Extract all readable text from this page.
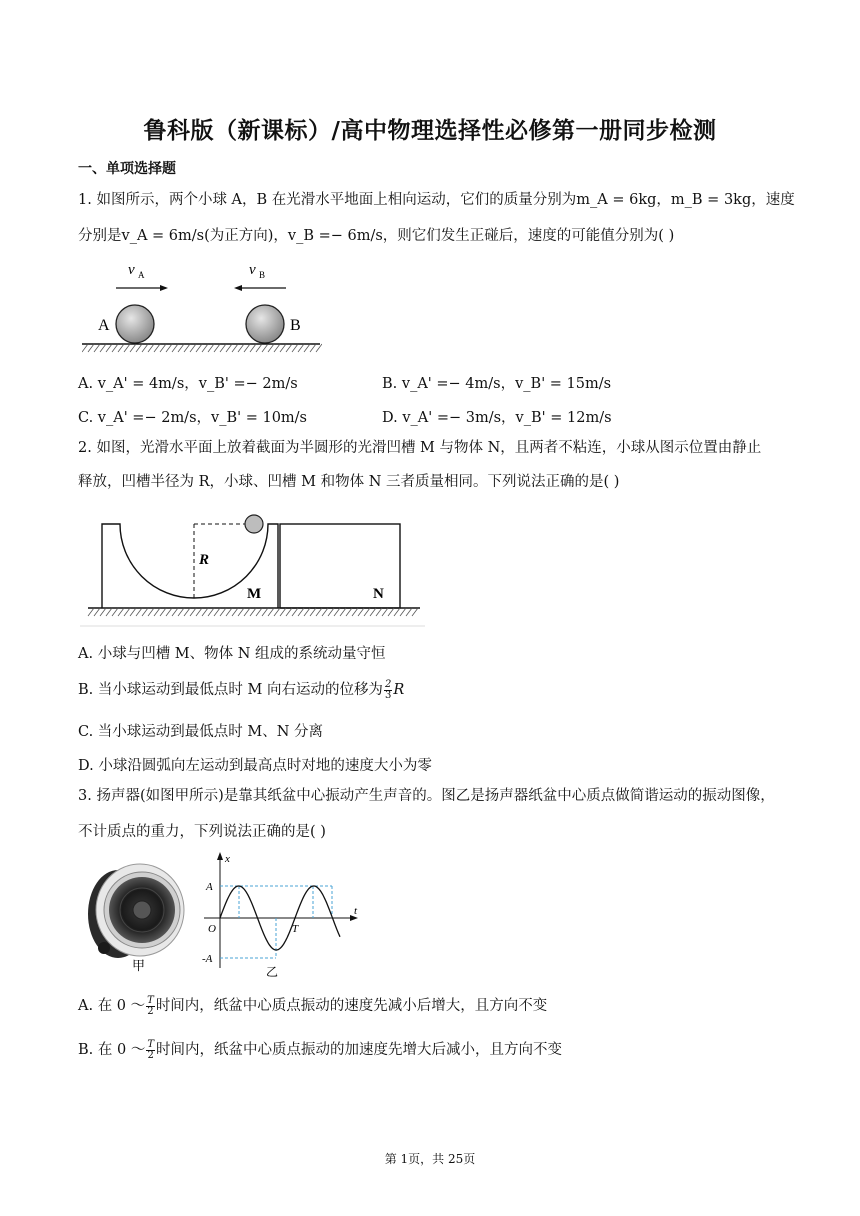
鲁科版（新课标）/高中物理选择性必修第一册同步检测
一、单项选择题
1. 如图所示，两个小球 A，B 在光滑水平地面上相向运动，它们的质量分别为m_A = 6kg，m_B = 3kg，速度
分别是v_A = 6m/s(为正方向)，v_B =− 6m/s，则它们发生正碰后，速度的可能值分别为( )
v A	v B
A	B
A. v_A' = 4m/s，v_B' =− 2m/s	B. v_A' =− 4m/s，v_B' = 15m/s
C. v_A' =− 2m/s，v_B' = 10m/s	D. v_A' =− 3m/s，v_B' = 12m/s
2. 如图，光滑水平面上放着截面为半圆形的光滑凹槽 M 与物体 N，且两者不粘连，小球从图示位置由静止
释放，凹槽半径为 R，小球、凹槽 M 和物体 N 三者质量相同。下列说法正确的是( )
R
M	N
A. 小球与凹槽 M、物体 N 组成的系统动量守恒
B. 当小球运动到最低点时 M 向右运动的位移为 $\frac{2}{3}$ R
C. 当小球运动到最低点时 M、N 分离
D. 小球沿圆弧向左运动到最高点时对地的速度大小为零
3. 扬声器(如图甲所示)是靠其纸盆中心振动产生声音的。图乙是扬声器纸盆中心质点做简谐运动的振动图像，
不计质点的重力，下列说法正确的是( )
甲
x
t
A
-A
O	T
乙
A. 在 0 ～ $\frac{T}{2}$ 时间内，纸盆中心质点振动的速度先减小后增大，且方向不变
B. 在 0 ～ $\frac{T}{2}$ 时间内，纸盆中心质点振动的加速度先增大后减小，且方向不变
第 1页，共 25页
